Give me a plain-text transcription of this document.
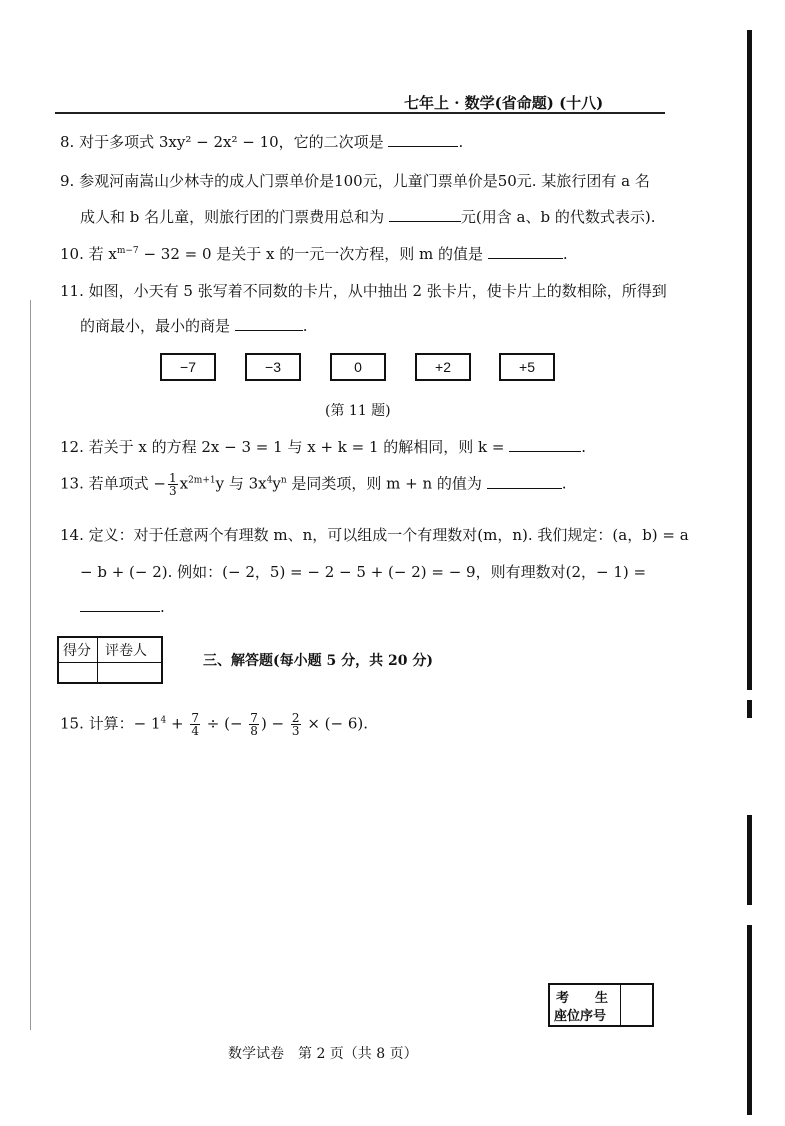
七年上 · 数学(省命题) (十八)
8. 对于多项式 3xy² − 2x² − 10，它的二次项是	.
9. 参观河南嵩山少林寺的成人门票单价是100元，儿童门票单价是50元. 某旅行团有 a 名
成人和 b 名儿童，则旅行团的门票费用总和为	元(用含 a、b 的代数式表示).
10. 若 $x^{m-7} - 32 = 0$ 是关于 x 的一元一次方程，则 m 的值是	.
11. 如图，小天有 5 张写着不同数的卡片，从中抽出 2 张卡片，使卡片上的数相除，所得到
的商最小，最小的商是	.
−7	−3	0	+2	+5
(第 11 题)
12. 若关于 x 的方程 2x − 3 = 1 与 x + k = 1 的解相同，则 k =	.
13. 若单项式 − $\frac{1}{3} x^{2m+1}y$ 与 $3x^4y^n$ 是同类项，则 m + n 的值为	.
14. 定义：对于任意两个有理数 m、n，可以组成一个有理数对(m，n). 我们规定：(a，b) = a
− b + (− 2). 例如：(− 2，5) = − 2 − 5 + (− 2) = − 9，则有理数对(2，− 1) =
.
得分 评卷人
三、解答题(每小题 5 分，共 20 分)
15. 计算：− $1^4 + \frac{7}{4}$ ÷ (− $\frac{7}{8}$ ) − $\frac{2}{3}$ × (− 6).
考　　生
座位序号
数学试卷　第 2 页（共 8 页）
